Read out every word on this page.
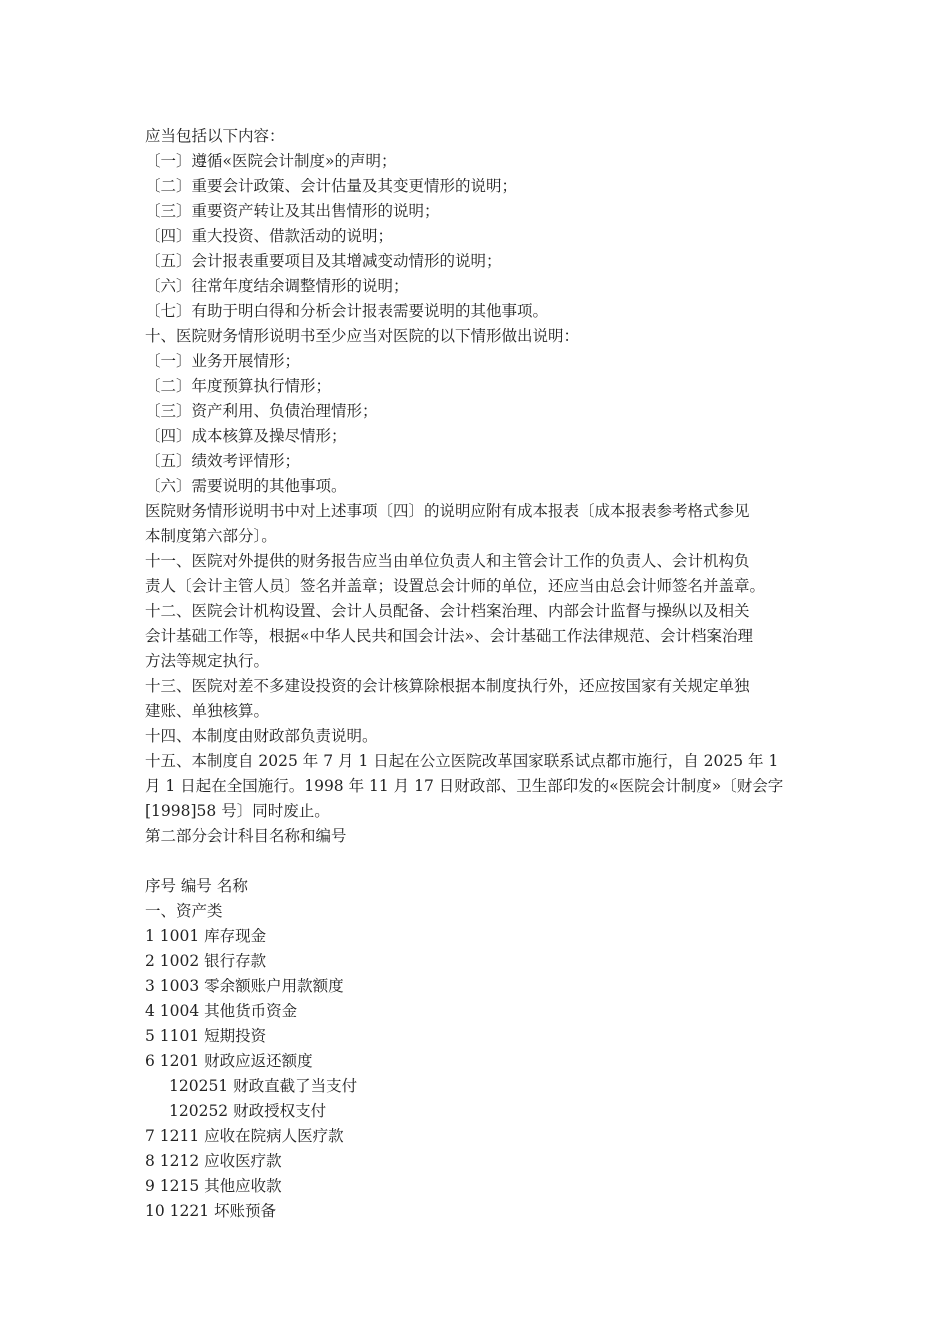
应当包括以下内容：
〔一〕遵循«医院会计制度»的声明；
〔二〕重要会计政策、会计估量及其变更情形的说明；
〔三〕重要资产转让及其出售情形的说明；
〔四〕重大投资、借款活动的说明；
〔五〕会计报表重要项目及其增减变动情形的说明；
〔六〕往常年度结余调整情形的说明；
〔七〕有助于明白得和分析会计报表需要说明的其他事项。
十、医院财务情形说明书至少应当对医院的以下情形做出说明：
〔一〕业务开展情形；
〔二〕年度预算执行情形；
〔三〕资产利用、负债治理情形；
〔四〕成本核算及操尽情形；
〔五〕绩效考评情形；
〔六〕需要说明的其他事项。
医院财务情形说明书中对上述事项〔四〕的说明应附有成本报表〔成本报表参考格式参见
本制度第六部分〕。
十一、医院对外提供的财务报告应当由单位负责人和主管会计工作的负责人、会计机构负
责人〔会计主管人员〕签名并盖章；设置总会计师的单位，还应当由总会计师签名并盖章。
十二、医院会计机构设置、会计人员配备、会计档案治理、内部会计监督与操纵以及相关
会计基础工作等，根据«中华人民共和国会计法»、会计基础工作法律规范、会计档案治理
方法等规定执行。
十三、医院对差不多建设投资的会计核算除根据本制度执行外，还应按国家有关规定单独
建账、单独核算。
十四、本制度由财政部负责说明。
十五、本制度自 2025 年 7 月 1 日起在公立医院改革国家联系试点都市施行，自 2025 年 1
月 1 日起在全国施行。1998 年 11 月 17 日财政部、卫生部印发的«医院会计制度»〔财会字
[1998]58 号〕同时废止。
第二部分会计科目名称和编号
序号 编号 名称
一、资产类
1 1001 库存现金
2 1002 银行存款
3 1003 零余额账户用款额度
4 1004 其他货币资金
5 1101 短期投资
6 1201 财政应返还额度
120251 财政直截了当支付
120252 财政授权支付
7 1211 应收在院病人医疗款
8 1212 应收医疗款
9 1215 其他应收款
10 1221 坏账预备
